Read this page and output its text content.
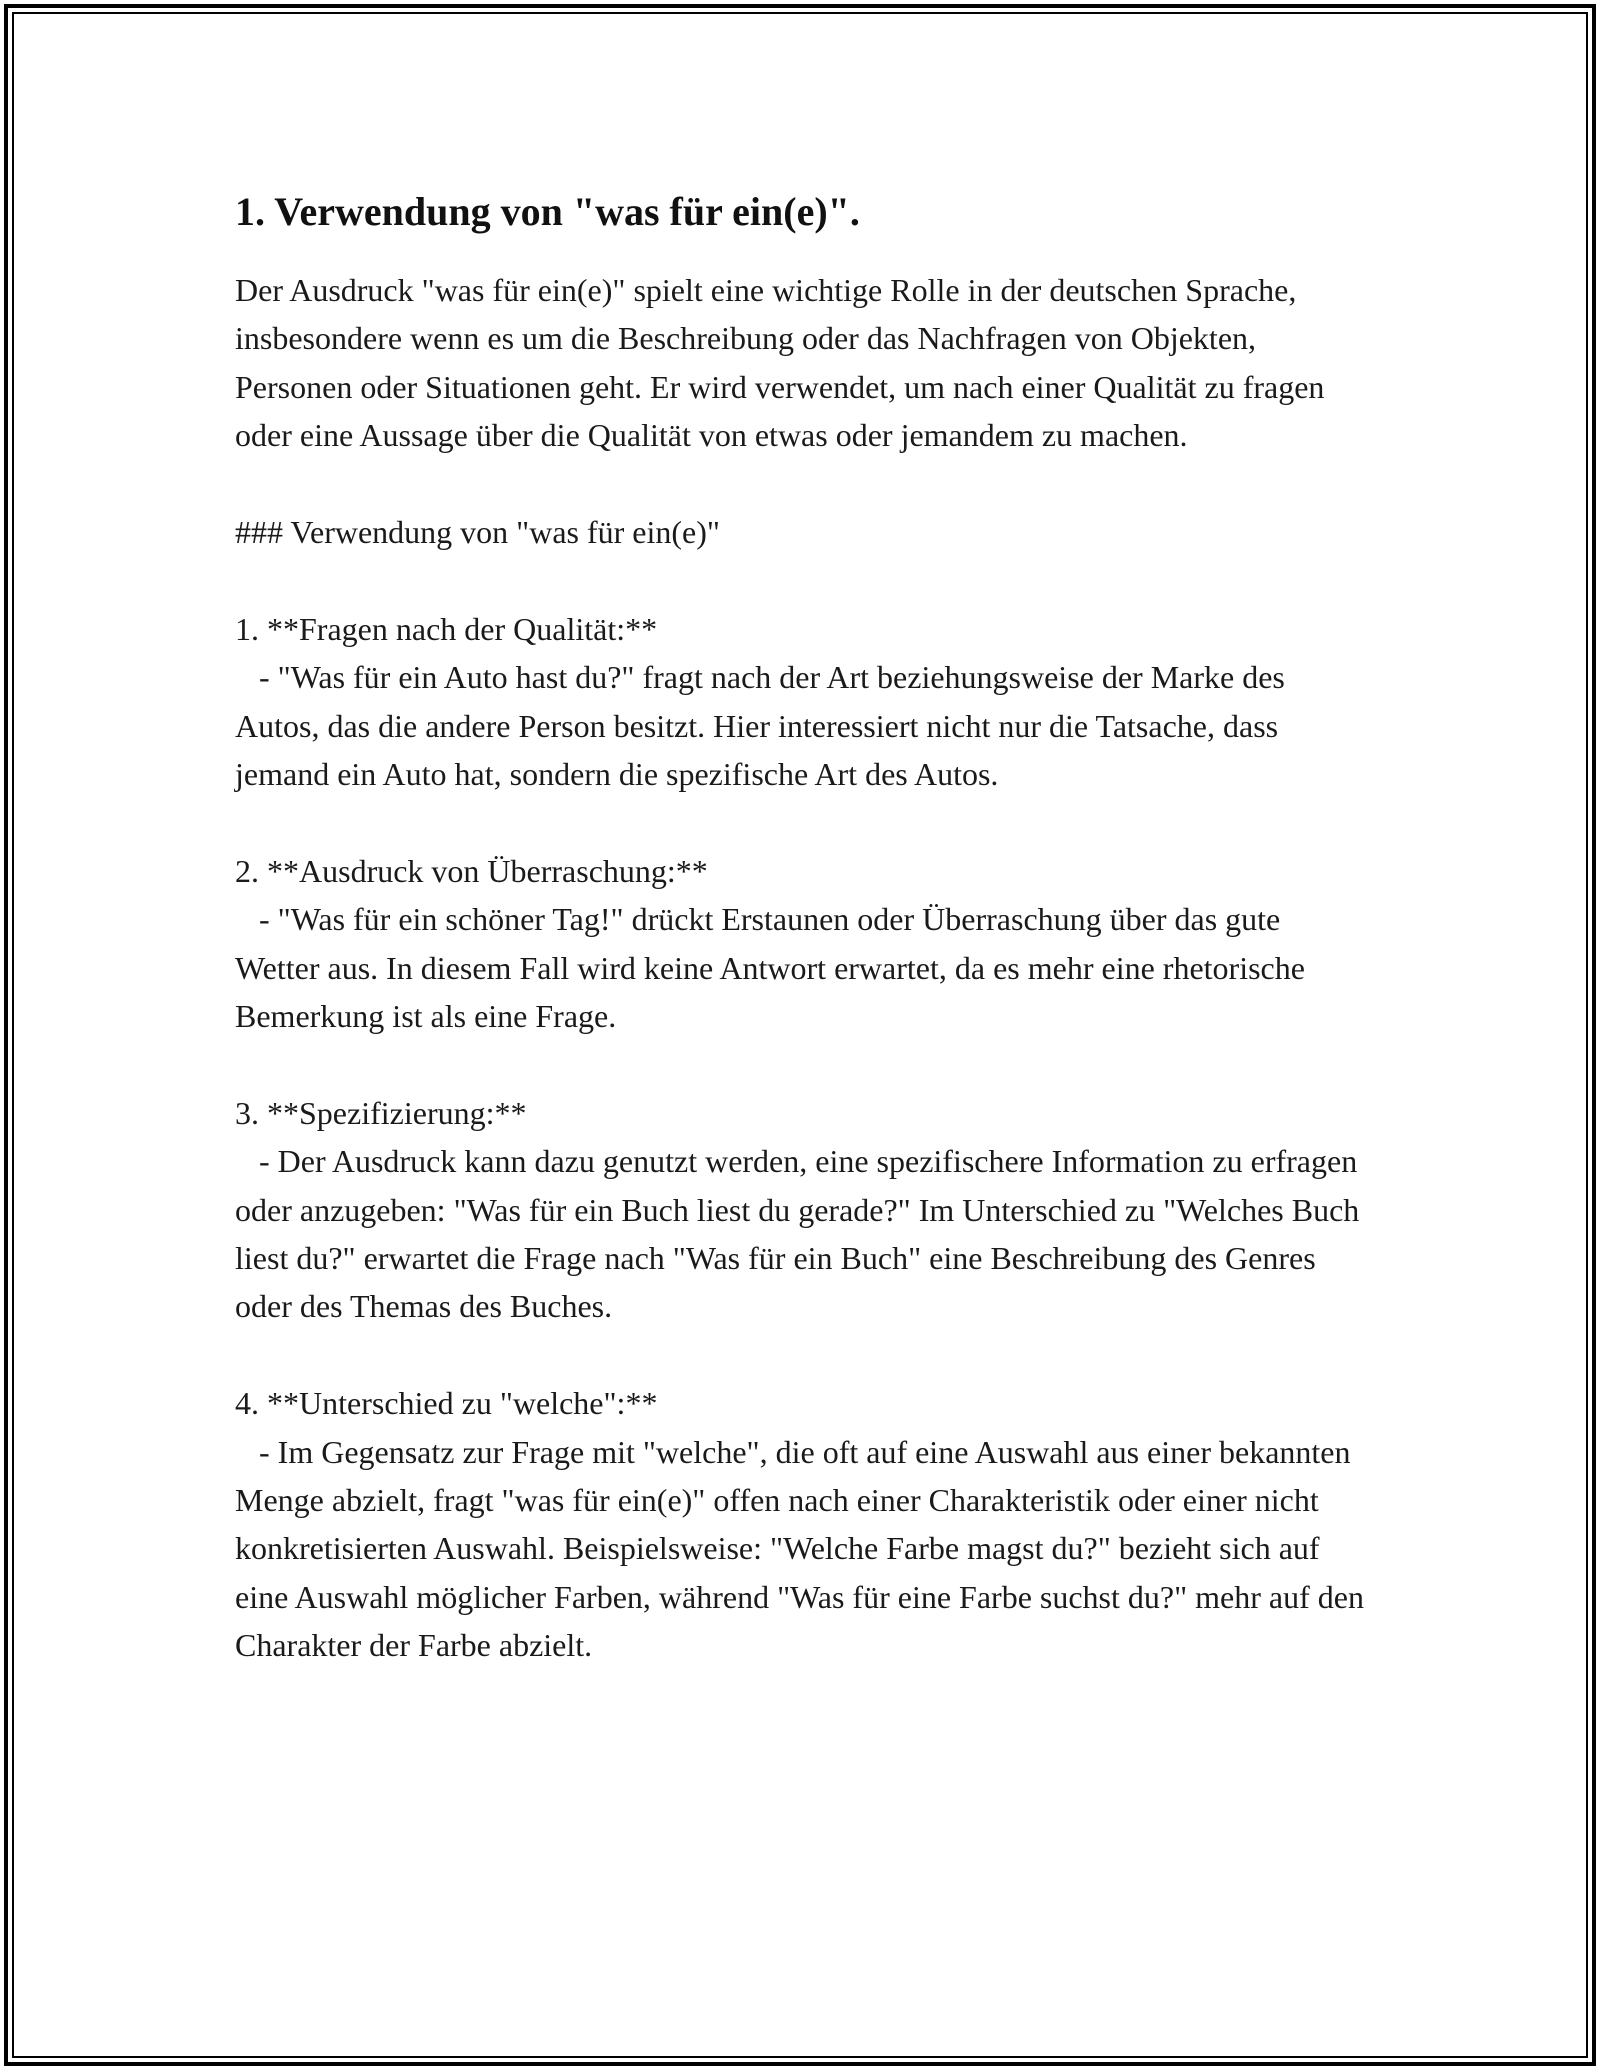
1. Verwendung von "was für ein(e)".

Der Ausdruck "was für ein(e)" spielt eine wichtige Rolle in der deutschen Sprache, insbesondere wenn es um die Beschreibung oder das Nachfragen von Objekten, Personen oder Situationen geht. Er wird verwendet, um nach einer Qualität zu fragen oder eine Aussage über die Qualität von etwas oder jemandem zu machen.

### Verwendung von "was für ein(e)"

1. **Fragen nach der Qualität:**

- "Was für ein Auto hast du?" fragt nach der Art beziehungsweise der Marke des Autos, das die andere Person besitzt. Hier interessiert nicht nur die Tatsache, dass jemand ein Auto hat, sondern die spezifische Art des Autos.

2. **Ausdruck von Überraschung:**

- "Was für ein schöner Tag!" drückt Erstaunen oder Überraschung über das gute Wetter aus. In diesem Fall wird keine Antwort erwartet, da es mehr eine rhetorische Bemerkung ist als eine Frage.

3. **Spezifizierung:**

- Der Ausdruck kann dazu genutzt werden, eine spezifischere Information zu erfragen oder anzugeben: "Was für ein Buch liest du gerade?" Im Unterschied zu "Welches Buch liest du?" erwartet die Frage nach "Was für ein Buch" eine Beschreibung des Genres oder des Themas des Buches.

4. **Unterschied zu "welche":**

- Im Gegensatz zur Frage mit "welche", die oft auf eine Auswahl aus einer bekannten Menge abzielt, fragt "was für ein(e)" offen nach einer Charakteristik oder einer nicht konkretisierten Auswahl. Beispielsweise: "Welche Farbe magst du?" bezieht sich auf eine Auswahl möglicher Farben, während "Was für eine Farbe suchst du?" mehr auf den Charakter der Farbe abzielt.
